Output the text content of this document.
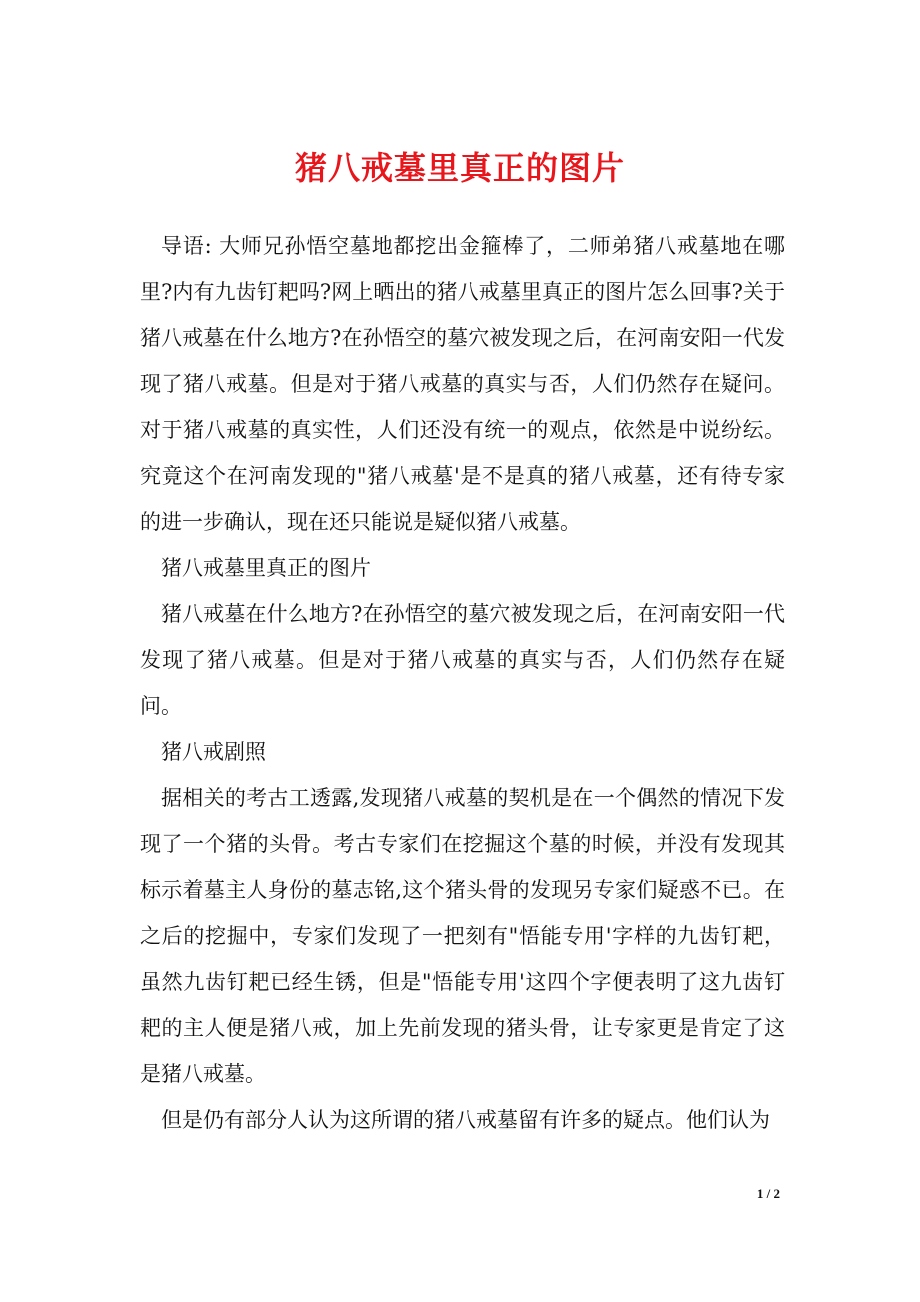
猪八戒墓里真正的图片

导语: 大师兄孙悟空墓地都挖出金箍棒了，二师弟猪八戒墓地在哪里?内有九齿钉耙吗?网上晒出的猪八戒墓里真正的图片怎么回事?关于猪八戒墓在什么地方?在孙悟空的墓穴被发现之后，在河南安阳一代发现了猪八戒墓。但是对于猪八戒墓的真实与否，人们仍然存在疑问。对于猪八戒墓的真实性，人们还没有统一的观点，依然是中说纷纭。究竟这个在河南发现的"猪八戒墓'是不是真的猪八戒墓，还有待专家的进一步确认，现在还只能说是疑似猪八戒墓。

猪八戒墓里真正的图片

猪八戒墓在什么地方?在孙悟空的墓穴被发现之后，在河南安阳一代发现了猪八戒墓。但是对于猪八戒墓的真实与否，人们仍然存在疑问。

猪八戒剧照

据相关的考古工透露,发现猪八戒墓的契机是在一个偶然的情况下发现了一个猪的头骨。考古专家们在挖掘这个墓的时候，并没有发现其标示着墓主人身份的墓志铭,这个猪头骨的发现另专家们疑惑不已。在之后的挖掘中，专家们发现了一把刻有"悟能专用'字样的九齿钉耙，虽然九齿钉耙已经生锈，但是"悟能专用'这四个字便表明了这九齿钉耙的主人便是猪八戒，加上先前发现的猪头骨，让专家更是肯定了这是猪八戒墓。

但是仍有部分人认为这所谓的猪八戒墓留有许多的疑点。他们认为

1 / 2
